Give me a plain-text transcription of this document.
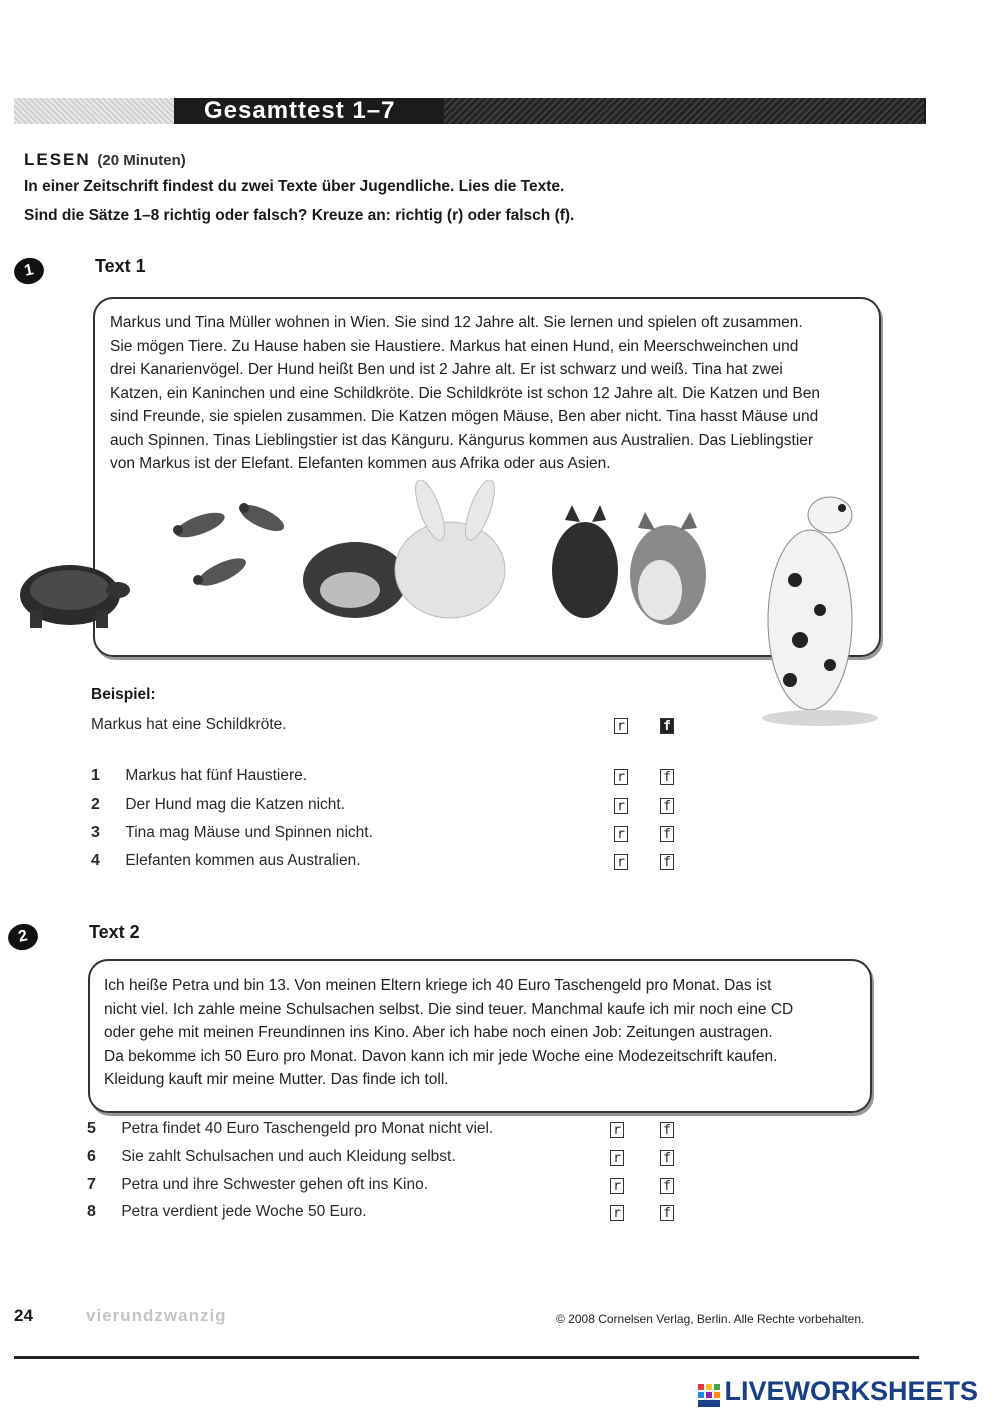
Gesamttest 1–7
LESEN (20 Minuten)
In einer Zeitschrift findest du zwei Texte über Jugendliche. Lies die Texte.
Sind die Sätze 1–8 richtig oder falsch? Kreuze an: richtig (r) oder falsch (f).
1	Text 1
Markus und Tina Müller wohnen in Wien. Sie sind 12 Jahre alt. Sie lernen und spielen oft zusammen.
Sie mögen Tiere. Zu Hause haben sie Haustiere. Markus hat einen Hund, ein Meerschweinchen und
drei Kanarienvögel. Der Hund heißt Ben und ist 2 Jahre alt. Er ist schwarz und weiß. Tina hat zwei
Katzen, ein Kaninchen und eine Schildkröte. Die Schildkröte ist schon 12 Jahre alt. Die Katzen und Ben
sind Freunde, sie spielen zusammen. Die Katzen mögen Mäuse, Ben aber nicht. Tina hasst Mäuse und
auch Spinnen. Tinas Lieblingstier ist das Känguru. Kängurus kommen aus Australien. Das Lieblingstier
von Markus ist der Elefant. Elefanten kommen aus Afrika oder aus Asien.
Beispiel:
Markus hat eine Schildkröte.	r	f
1 Markus hat fünf Haustiere.	r	f
2 Der Hund mag die Katzen nicht.	r	f
3 Tina mag Mäuse und Spinnen nicht.	r	f
4 Elefanten kommen aus Australien.	r	f
2	Text 2
Ich heiße Petra und bin 13. Von meinen Eltern kriege ich 40 Euro Taschengeld pro Monat. Das ist
nicht viel. Ich zahle meine Schulsachen selbst. Die sind teuer. Manchmal kaufe ich mir noch eine CD
oder gehe mit meinen Freundinnen ins Kino. Aber ich habe noch einen Job: Zeitungen austragen.
Da bekomme ich 50 Euro pro Monat. Davon kann ich mir jede Woche eine Modezeitschrift kaufen.
Kleidung kauft mir meine Mutter. Das finde ich toll.
5 Petra findet 40 Euro Taschengeld pro Monat nicht viel.	r	f
6 Sie zahlt Schulsachen und auch Kleidung selbst.	r	f
7 Petra und ihre Schwester gehen oft ins Kino.	r	f
8 Petra verdient jede Woche 50 Euro.	r	f
24	vierundzwanzig	© 2008 Cornelsen Verlag, Berlin. Alle Rechte vorbehalten.
LIVEWORKSHEETS
